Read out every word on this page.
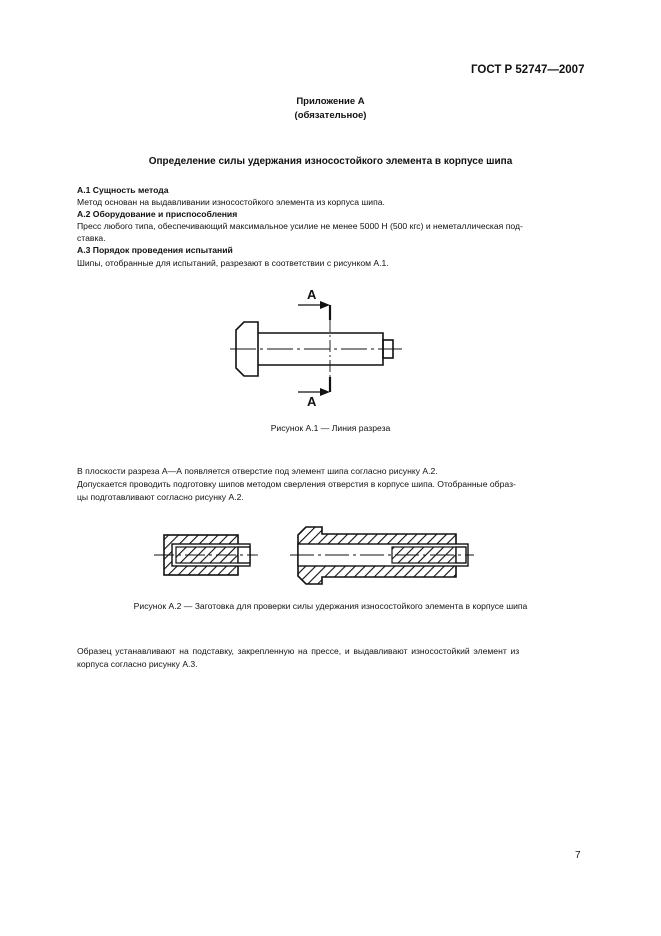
ГОСТ Р 52747—2007
Приложение А
(обязательное)
Определение силы удержания износостойкого элемента в корпусе шипа
А.1 Сущность метода
Метод основан на выдавливании износостойкого элемента из корпуса шипа.
А.2 Оборудование и приспособления
Пресс любого типа, обеспечивающий максимальное усилие не менее 5000 Н (500 кгс) и неметаллическая под-
ставка.
А.3 Порядок проведения испытаний
Шипы, отобранные для испытаний, разрезают в соответствии с рисунком А.1.
А
А
Рисунок А.1 — Линия разреза
В плоскости разреза А—А появляется отверстие под элемент шипа согласно рисунку А.2.
Допускается проводить подготовку шипов методом сверления отверстия в корпусе шипа. Отобранные образ-
цы подготавливают согласно рисунку А.2.
Рисунок А.2 — Заготовка для проверки силы удержания износостойкого элемента в корпусе шипа
Образец устанавливают на подставку, закрепленную на прессе, и выдавливают износостойкий элемент из
корпуса согласно рисунку А.3.
7
